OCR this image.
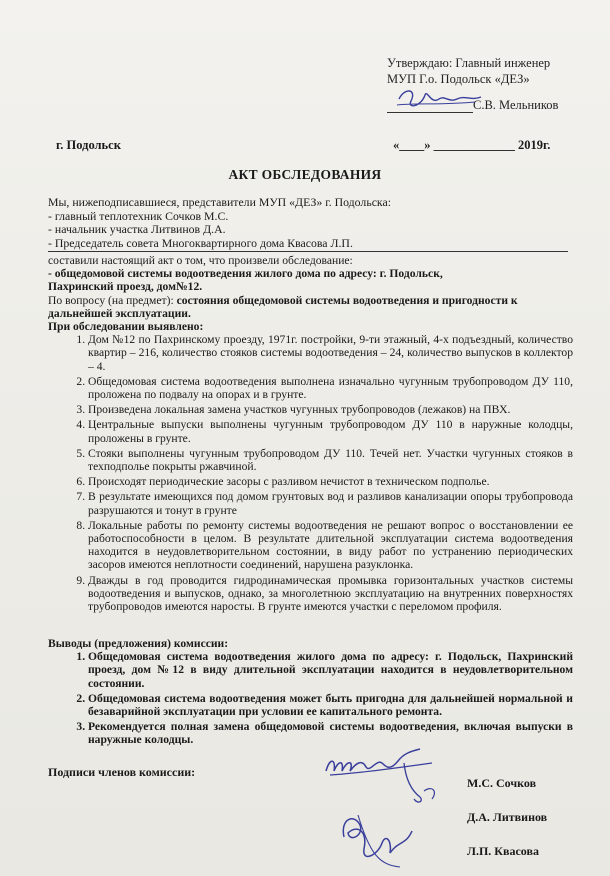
Утверждаю: Главный инженер
МУП Г.о. Подольск «ДЕЗ»
С.В. Мельников
г. Подольск	«____» _____________ 2019г.
АКТ ОБСЛЕДОВАНИЯ
Мы, нижеподписавшиеся, представители МУП «ДЕЗ» г. Подольска:
- главный теплотехник Сочков М.С.
- начальник участка Литвинов Д.А.
- Председатель совета Многоквартирного дома Квасова Л.П.
составили настоящий акт о том, что произвели обследование:
- общедомовой системы водоотведения жилого дома по адресу: г. Подольск,
Пахринский проезд, дом№12.
По вопросу (на предмет): состояния общедомовой системы водоотведения и пригодности к дальнейшей эксплуатации.
При обследовании выявлено:
1. Дом №12 по Пахринскому проезду, 1971г. постройки, 9-ти этажный, 4-х подъездный, количество квартир – 216, количество стояков системы водоотведения – 24, количество выпусков в коллектор – 4.
2. Общедомовая система водоотведения выполнена изначально чугунным трубопроводом ДУ 110, проложена по подвалу на опорах и в грунте.
3. Произведена локальная замена участков чугунных трубопроводов (лежаков) на ПВХ.
4. Центральные выпуски выполнены чугунным трубопроводом ДУ 110 в наружные колодцы, проложены в грунте.
5. Стояки выполнены чугунным трубопроводом ДУ 110. Течей нет. Участки чугунных стояков в техподполье покрыты ржавчиной.
6. Происходят периодические засоры с разливом нечистот в техническом подполье.
7. В результате имеющихся под домом грунтовых вод и разливов канализации опоры трубопровода разрушаются и тонут в грунте
8. Локальные работы по ремонту системы водоотведения не решают вопрос о восстановлении ее работоспособности в целом. В результате длительной эксплуатации система водоотведения находится в неудовлетворительном состоянии, в виду работ по устранению периодических засоров имеются неплотности соединений, нарушена разуклонка.
9. Дважды в год проводится гидродинамическая промывка горизонтальных участков системы водоотведения и выпусков, однако, за многолетнюю эксплуатацию на внутренних поверхностях трубопроводов имеются наросты. В грунте имеются участки с переломом профиля.
Выводы (предложения) комиссии:
1. Общедомовая система водоотведения жилого дома по адресу: г. Подольск, Пахринский проезд, дом №12 в виду длительной эксплуатации находится в неудовлетворительном состоянии.
2. Общедомовая система водоотведения может быть пригодна для дальнейшей нормальной и безаварийной эксплуатации при условии ее капитального ремонта.
3. Рекомендуется полная замена общедомовой системы водоотведения, включая выпуски в наружные колодцы.
Подписи членов комиссии:
М.С. Сочков
Д.А. Литвинов
Л.П. Квасова
